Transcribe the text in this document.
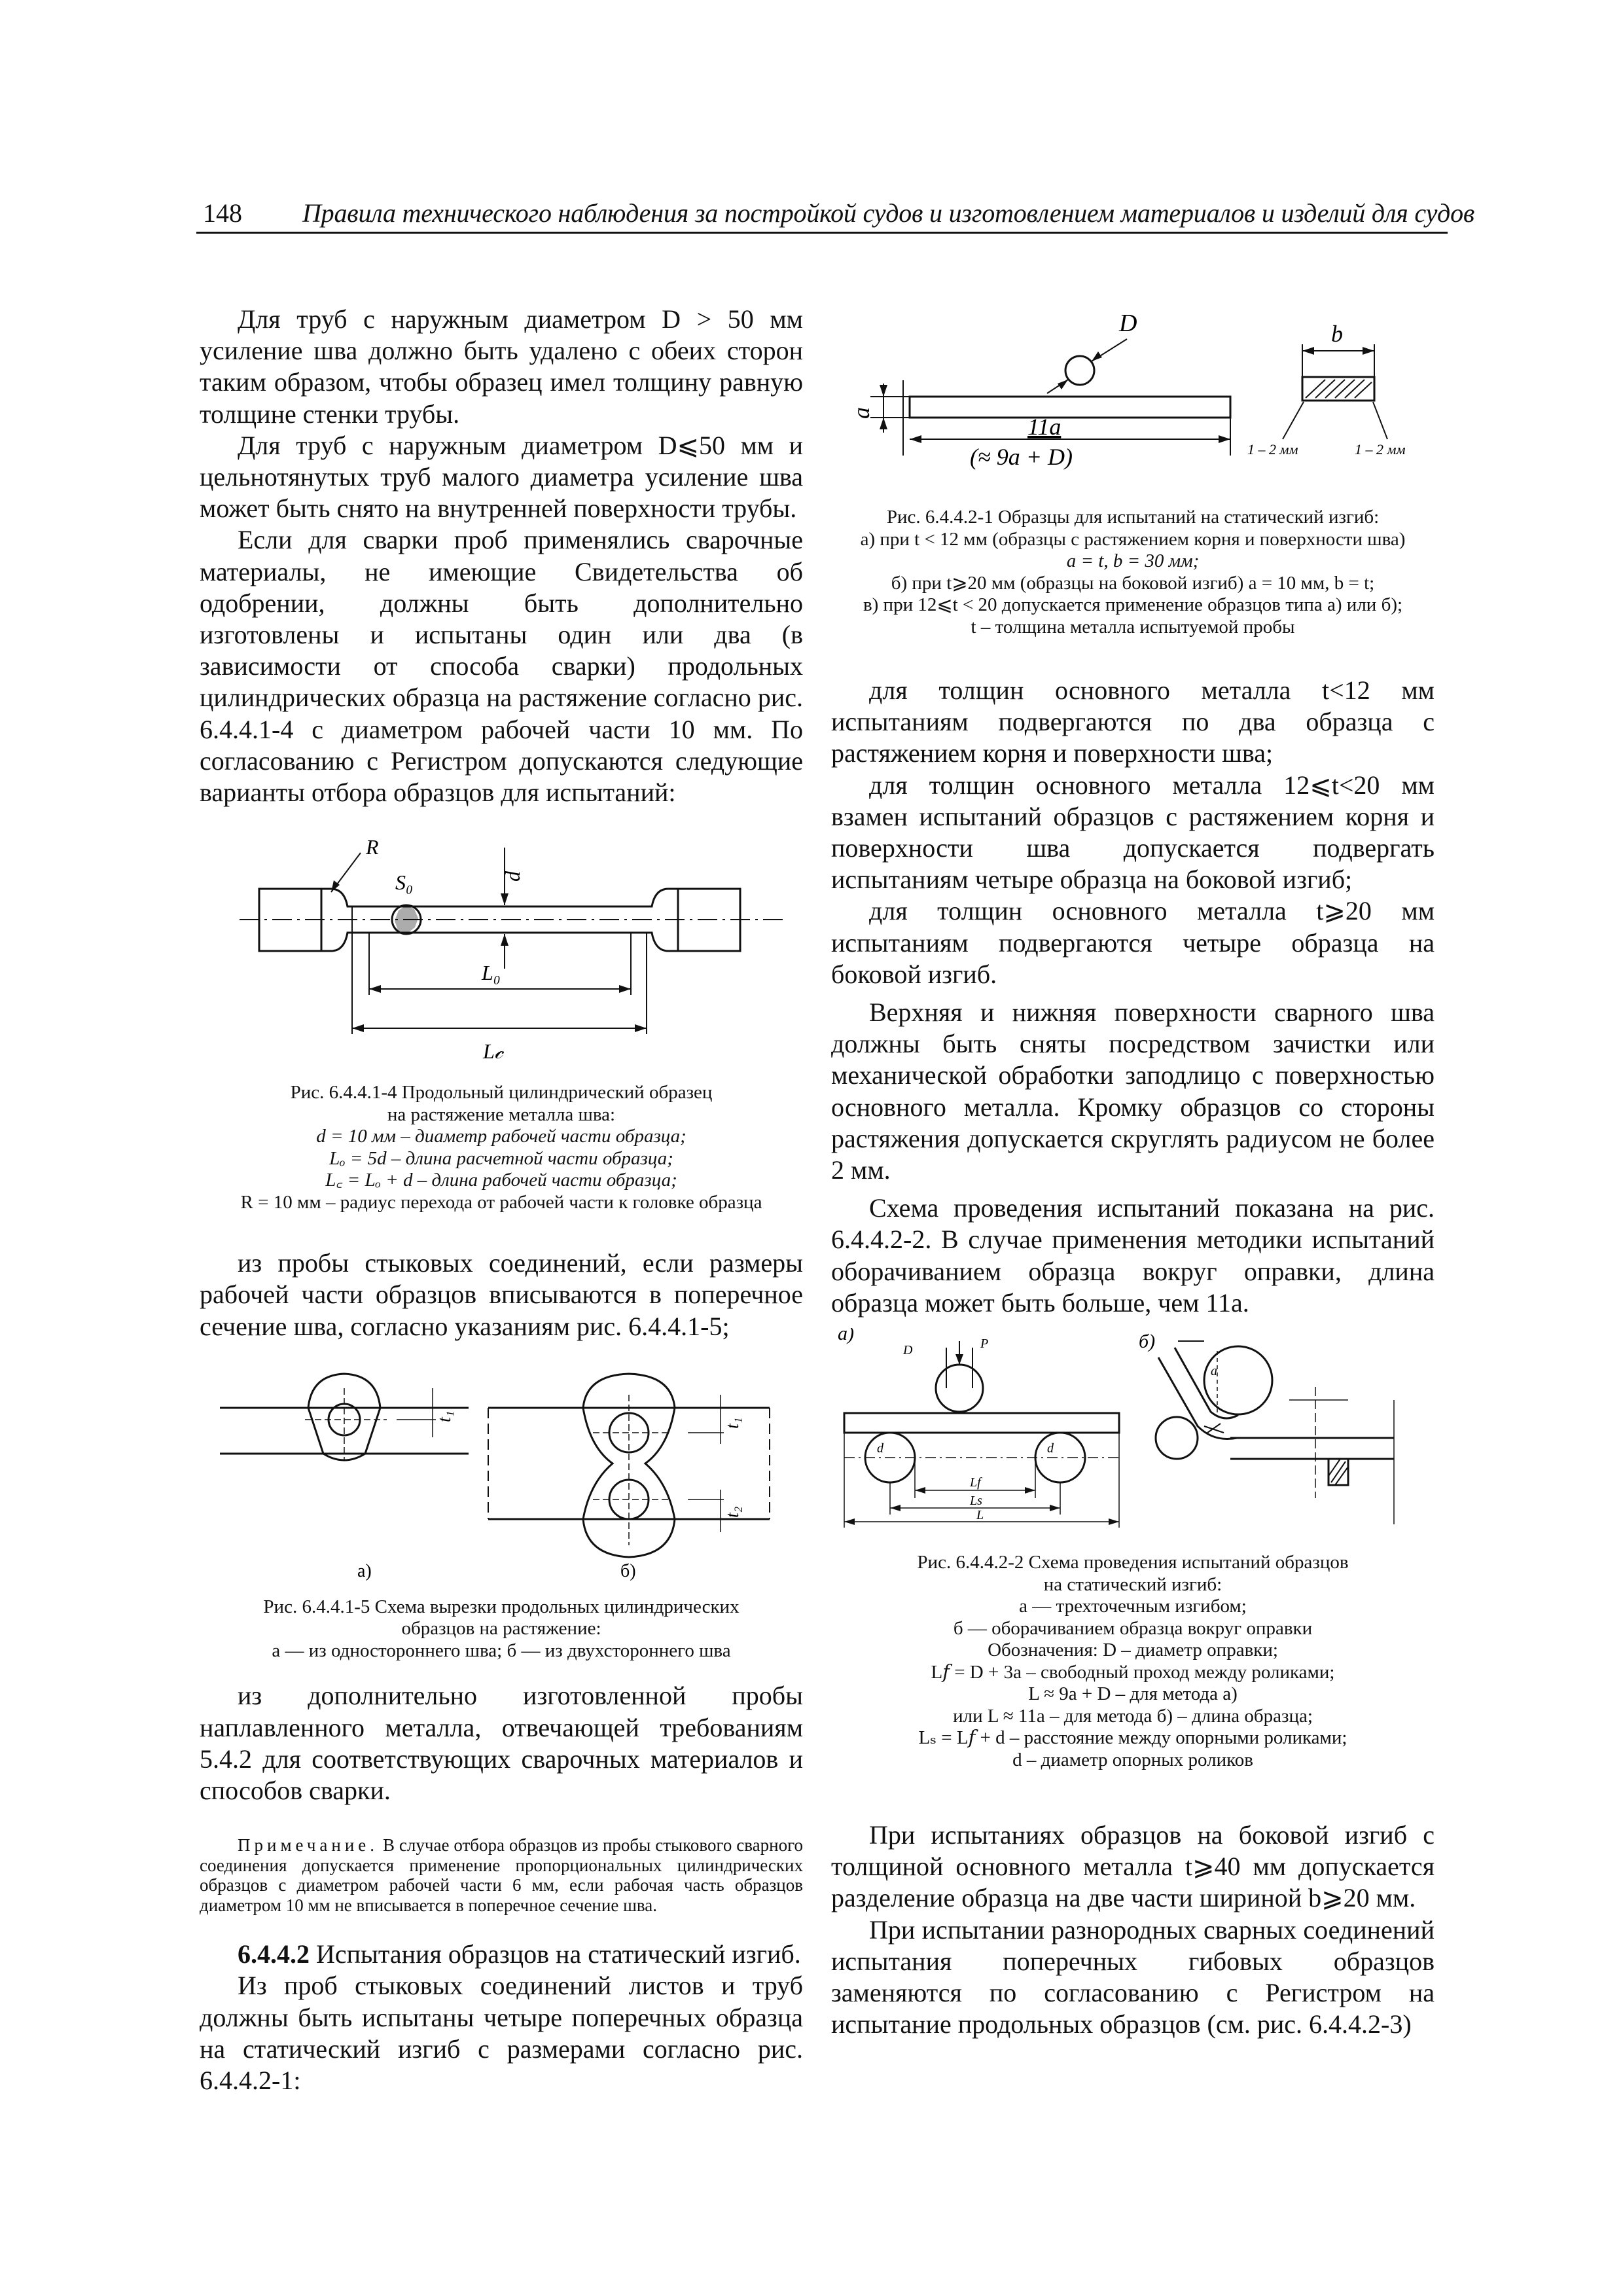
148 Правила технического наблюдения за постройкой судов и изготовлением материалов и изделий для судов

Для труб с наружным диаметром D > 50 мм усиление шва должно быть удалено с обеих сторон таким образом, чтобы образец имел толщину равную толщине стенки трубы.

Для труб с наружным диаметром D⩽50 мм и цельнотянутых труб малого диаметра усиление шва может быть снято на внутренней поверхности трубы.

Если для сварки проб применялись сварочные материалы, не имеющие Свидетельства об одобрении, должны быть дополнительно изготовлены и испытаны один или два (в зависимости от способа сварки) продольных цилиндрических образца на растяжение согласно рис. 6.4.4.1-4 с диаметром рабочей части 10 мм. По согласованию с Регистром допускаются следующие варианты отбора образцов для испытаний:

R
S₀	d
L₀
L𝒸

Рис. 6.4.4.1-4 Продольный цилиндрический образец

на растяжение металла шва:

d = 10 мм – диаметр рабочей части образца;

Lₒ = 5d – длина расчетной части образца;

L꜀ = Lₒ + d – длина рабочей части образца;

R = 10 мм – радиус перехода от рабочей части к головке образца

из пробы стыковых соединений, если размеры рабочей части образцов вписываются в поперечное сечение шва, согласно указаниям рис. 6.4.4.1-5;

t₁
t₁
t₂
а)	б)

Рис. 6.4.4.1-5 Схема вырезки продольных цилиндрических

образцов на растяжение:

а — из одностороннего шва; б — из двухстороннего шва

из дополнительно изготовленной пробы наплавленного металла, отвечающей требованиям 5.4.2 для соответствующих сварочных материалов и способов сварки.

Примечание. В случае отбора образцов из пробы стыкового сварного соединения допускается применение пропорциональных цилиндрических образцов с диаметром рабочей части 6 мм, если рабочая часть образцов диаметром 10 мм не вписывается в поперечное сечение шва.

6.4.4.2 Испытания образцов на статический изгиб.

Из проб стыковых соединений листов и труб должны быть испытаны четыре поперечных образца на статический изгиб с размерами согласно рис. 6.4.4.2-1:

D
a
11a
(≈ 9a + D)
b
1 – 2 мм	1 – 2 мм

Рис. 6.4.4.2-1 Образцы для испытаний на статический изгиб:

а) при t < 12 мм (образцы с растяжением корня и поверхности шва)

a = t, b = 30 мм;

б) при t⩾20 мм (образцы на боковой изгиб) a = 10 мм, b = t;

в) при 12⩽t < 20 допускается применение образцов типа а) или б);

t – толщина металла испытуемой пробы

для толщин основного металла t<12 мм испытаниям подвергаются по два образца с растяжением корня и поверхности шва;

для толщин основного металла 12⩽t<20 мм взамен испытаний образцов с растяжением корня и поверхности шва допускается подвергать испытаниям четыре образца на боковой изгиб;

для толщин основного металла t⩾20 мм испытаниям подвергаются четыре образца на боковой изгиб.

Верхняя и нижняя поверхности сварного шва должны быть сняты посредством зачистки или механической обработки заподлицо с поверхностью основного металла. Кромку образцов со стороны растяжения допускается скруглять радиусом не более 2 мм.

Схема проведения испытаний показана на рис. 6.4.4.2-2. В случае применения методики испытаний оборачиванием образца вокруг оправки, длина образца может быть больше, чем 11a.

а)	б)
D	P
d	d
Lf
Ls
L
a

Рис. 6.4.4.2-2 Схема проведения испытаний образцов

на статический изгиб:

а — трехточечным изгибом;

б — оборачиванием образца вокруг оправки

Обозначения: D – диаметр оправки;

L𝑓 = D + 3a – свободный проход между роликами;

L ≈ 9a + D – для метода а)

или L ≈ 11a – для метода б) – длина образца;

Lₛ = L𝑓 + d – расстояние между опорными роликами;

d – диаметр опорных роликов

При испытаниях образцов на боковой изгиб с толщиной основного металла t⩾40 мм допускается разделение образца на две части шириной b⩾20 мм.

При испытании разнородных сварных соединений испытания поперечных гибовых образцов заменяются по согласованию с Регистром на испытание продольных образцов (см. рис. 6.4.4.2-3)
